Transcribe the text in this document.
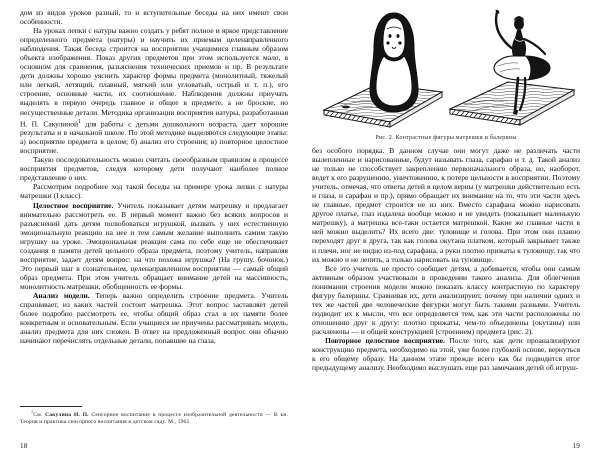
дом из видов уроков разный, то и вступительные беседы на них имеют свои особенности.

На уроках лепки с натуры важно создать у ребят полное и яркое представление определенного предмета (натуры) и научить их приемам целенаправленного наблюдения. Такая беседа строится на восприятии учащимися главным образом объекта изображения. Показ других предметов при этом используется мало, в основном для сравнения, разъяснения технических приемов и пр. В результате дети должны хорошо уяснить характер формы предмета (монолитный, тяжелый или легкий, летящий, плавный, мягкий или угловатый, острый и т. п.), его строение, основные части, их соотношение. Наблюдения должны приучать выделять в первую очередь главное и общее в предмете, а не броские, но несущественные детали. Методика организации восприятия натуры, разработанная Н. П. Сакулиной$^1$ для работы с детьми дошкольного возраста, дает хорошие результаты и в начальной школе. По этой методике выделяются следующие этапы: а) восприятие предмета в целом; б) анализ его строения; в) повторное целостное восприятие.

Такую последовательность можно считать своеобразным правилом в процессе восприятия предметов, следуя которому дети получают наиболее полное представление о них.

Рассмотрим подробнее ход такой беседы на примере урока лепки с натуры матрешки (I класс).

Целостное восприятие. Учитель показывает детям матрешку и предлагает внимательно рассмотреть ее. В первый момент важно без всяких вопросов и разъяснений дать детям полюбоваться игрушкой, вызвать у них естественную эмоциональную реакцию на нее и тем самым желание выполнить самим такую игрушку на уроке. Эмоциональная реакция сама по себе еще не обеспечивает создания в памяти детей цельного образа предмета, поэтому учитель, направляя восприятие, задает детям вопрос: на что похожа игрушка? (На грушу, бочонок.) Это первый шаг в сознательном, целенаправленном восприятии — самый общий образ предмета. При этом учитель обращает внимание детей на массивность, монолитность матрешки, обобщенность ее формы.

Анализ модели. Теперь важно определить строение предмета. Учитель спрашивает, из каких частей состоит матрешка. Этот вопрос заставляет детей более подробно рассмотреть ее, чтобы общий образ стал в их памяти более конкретным и основательным. Если учащиеся не приучены рассматривать модель, анализ предмета для них сложен. В ответ на предложенный вопрос они обычно начинают перечислять отдельные детали, попавшие на глаза,

$^1$См. Сакулина Н. П. Сенсорное воспитание в процессе изобразительной деятельности — В кн. Теория и практика сенсорного воспитания в детском саду. М., 1965

18
Рис. 2. Контрастные фигуры матрешки и балерины

без особого порядка. В данном случае они могут даже не различать части вылепленные и нарисованные, будут называть глаза, сарафан и т. д. Такой анализ не только не способствует закреплению первоначального образа, но, наоборот, ведет к его разрушению, уничтожению, к потере цельности в восприятии. Поэтому учитель, отмечая, что ответы детей в целом верны (у матрешки действительно есть и глаза, и сарафан и пр.), прямо обращает их внимание на то, что эти части здесь не главные, предмет строится не из них. Вместо сарафана можно нарисовать другое платье, глаз издалека вообще можно и не увидеть (показывает маленькую матрешку), а матрешка все-таки остается матрешкой. Какие же главные части в ней можно выделить? Их всего две: туловище и голова. При этом они плавно переходят друг в друга, так как голова окутана платком, который закрывает также и плечи, ног не видно из-под сарафана, а руки плотно прижаты к туловищу, так что их можно и не лепить, а только нарисовать на туловище.

Все это учитель не просто сообщает детям, а добивается, чтобы они самым активным образом участвовали в проведении такого анализа. Для облегчения понимания строения модели можно показать классу контрастную по характеру фигуру балерины. Сравнивая их, дети анализируют, почему при наличии одних и тех же частей две человеческие фигурки могут быть такими разными. Учитель подводит их к мысли, что все определяется тем, как эти части расположены по отношению друг к другу: плотно прижаты, чем-то объединены (окутаны) или расчленены — и общей конструкцией (строением) предмета (рис. 2).

Повторное целостное восприятие. После того, как дети проанализируют конструкцию предмета, необходимо на этой, уже более глубокой основе, вернуться к его общему образу. На данном этапе прежде всего как бы подводится итог предыдущему анализу. Необходимо выслушать еще раз замечания детей об игруш-

19
